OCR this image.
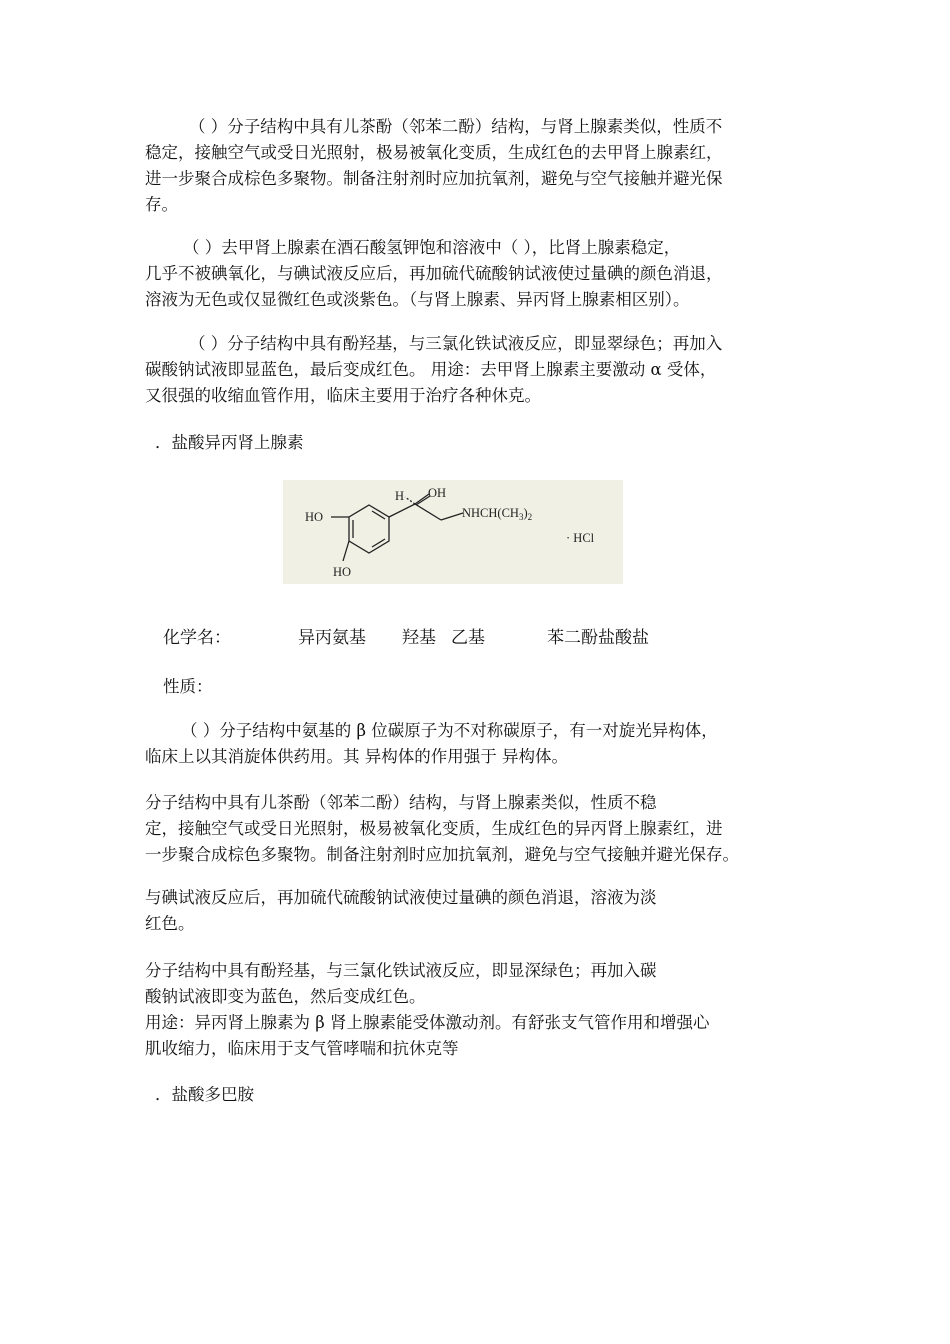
（ ）分子结构中具有儿茶酚（邻苯二酚）结构，与肾上腺素类似，性质不
稳定，接触空气或受日光照射，极易被氧化变质，生成红色的去甲肾上腺素红，
进一步聚合成棕色多聚物。制备注射剂时应加抗氧剂，避免与空气接触并避光保
存。

（ ）去甲肾上腺素在酒石酸氢钾饱和溶液中（ ），比肾上腺素稳定，
几乎不被碘氧化，与碘试液反应后，再加硫代硫酸钠试液使过量碘的颜色消退，
溶液为无色或仅显微红色或淡紫色。（与肾上腺素、异丙肾上腺素相区别）。

（ ）分子结构中具有酚羟基，与三氯化铁试液反应，即显翠绿色；再加入
碳酸钠试液即显蓝色，最后变成红色。 用途：去甲肾上腺素主要激动 α 受体，
又很强的收缩血管作用，临床主要用于治疗各种休克。

．盐酸异丙肾上腺素

H OH
$NHCH(CH_3)_2$
HO
HO
· HCl
化学名：	异丙氨基 羟基 乙基	苯二酚盐酸盐

性质：

（ ）分子结构中氨基的 β 位碳原子为不对称碳原子，有一对旋光异构体，
临床上以其消旋体供药用。其 异构体的作用强于 异构体。

分子结构中具有儿茶酚（邻苯二酚）结构，与肾上腺素类似，性质不稳
定，接触空气或受日光照射，极易被氧化变质，生成红色的异丙肾上腺素红，进
一步聚合成棕色多聚物。制备注射剂时应加抗氧剂，避免与空气接触并避光保存。

与碘试液反应后，再加硫代硫酸钠试液使过量碘的颜色消退，溶液为淡
红色。

分子结构中具有酚羟基，与三氯化铁试液反应，即显深绿色；再加入碳
酸钠试液即变为蓝色，然后变成红色。
用途：异丙肾上腺素为 β 肾上腺素能受体激动剂。有舒张支气管作用和增强心
肌收缩力，临床用于支气管哮喘和抗休克等

．盐酸多巴胺
